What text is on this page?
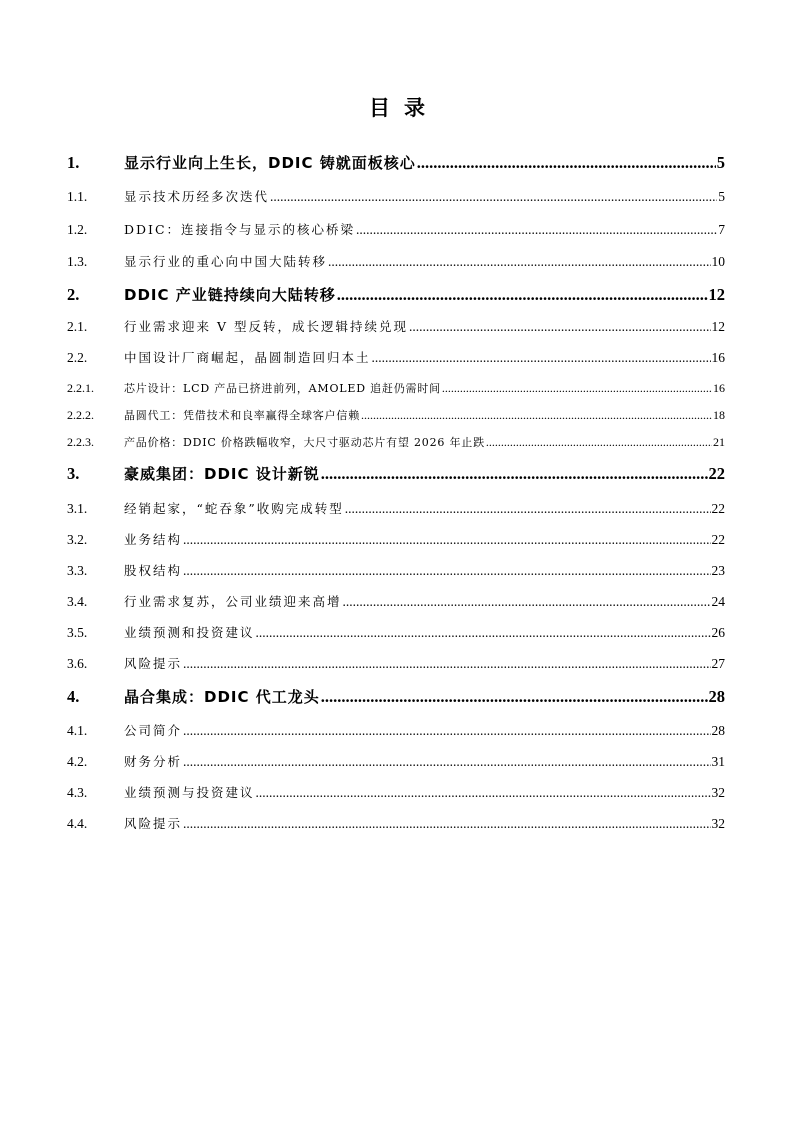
目录
1.	显示行业向上生长，DDIC 铸就面板核心 .....	5
1.1.	显示技术历经多次迭代 .....	5
1.2.	DDIC：连接指令与显示的核心桥梁 .....	7
1.3.	显示行业的重心向中国大陆转移 .....	10
2.	DDIC 产业链持续向大陆转移 .....	12
2.1.	行业需求迎来 V 型反转，成长逻辑持续兑现 .....	12
2.2.	中国设计厂商崛起，晶圆制造回归本土 .....	16
2.2.1.	芯片设计：LCD 产品已挤进前列，AMOLED 追赶仍需时间 .....	16
2.2.2.	晶圆代工：凭借技术和良率赢得全球客户信赖 .....	18
2.2.3.	产品价格：DDIC 价格跌幅收窄，大尺寸驱动芯片有望 2026 年止跌 .....	21
3.	豪威集团：DDIC 设计新锐 .....	22
3.1.	经销起家，“蛇吞象”收购完成转型 .....	22
3.2.	业务结构 .....	22
3.3.	股权结构 .....	23
3.4.	行业需求复苏，公司业绩迎来高增 .....	24
3.5.	业绩预测和投资建议 .....	26
3.6.	风险提示 .....	27
4.	晶合集成：DDIC 代工龙头 .....	28
4.1.	公司简介 .....	28
4.2.	财务分析 .....	31
4.3.	业绩预测与投资建议 .....	32
4.4.	风险提示 .....	32
